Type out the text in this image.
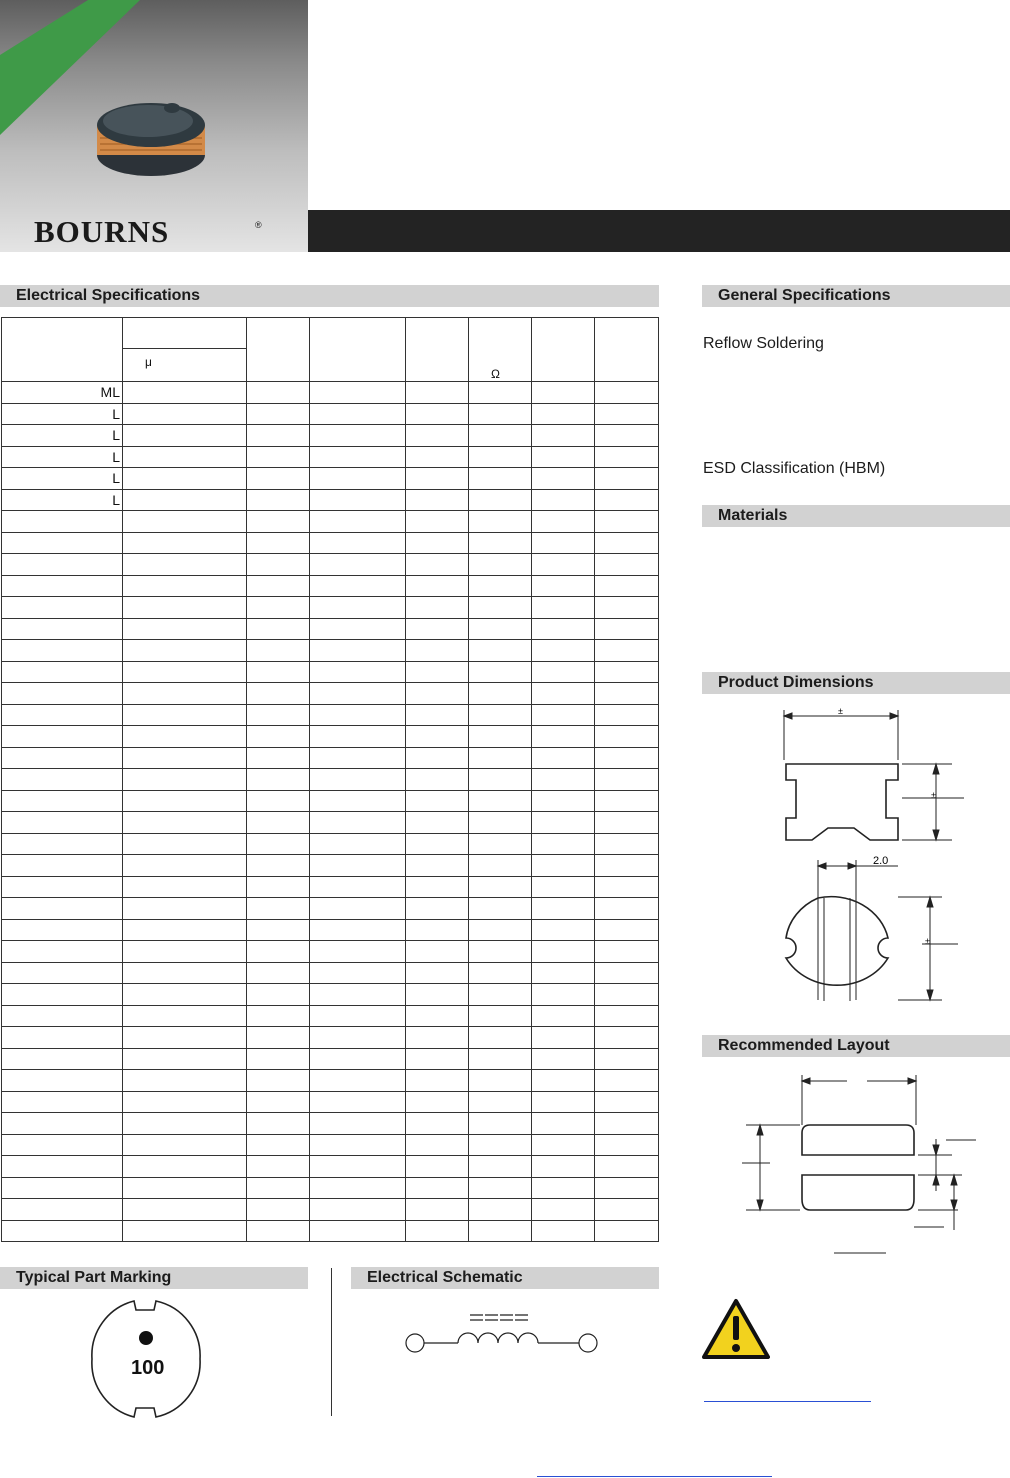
BOURNS	®
Electrical Specifications
					Ω		
	μ						
ML							
L							
L							
L							
L							
L							

General Specifications
Reflow Soldering
ESD Classification (HBM)
Materials
Product Dimensions
±
±
2.0
±
Recommended Layout
Typical Part Marking
100
Electrical Schematic
